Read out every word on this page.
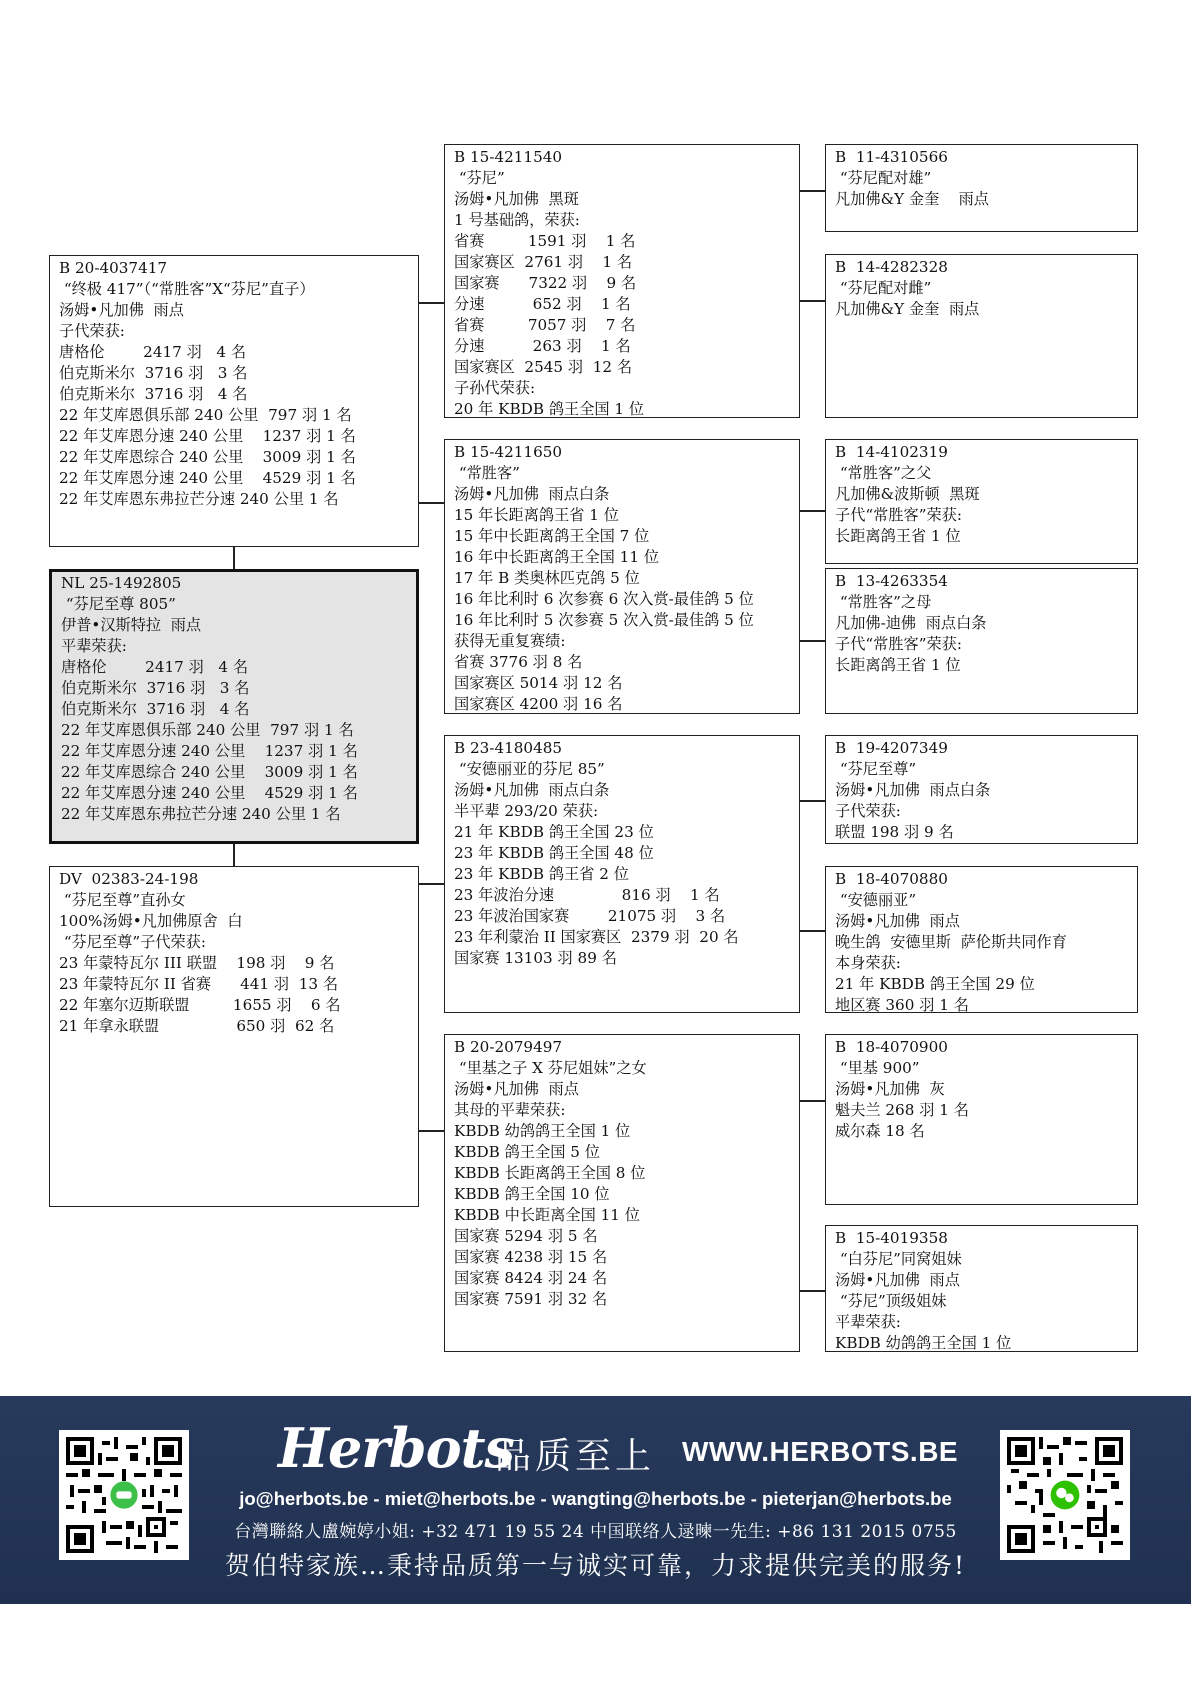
B 20-4037417
“终极 417”（“常胜客”X“芬尼”直子）
汤姆•凡加佛  雨点
子代荣获:
唐格伦        2417 羽   4 名
伯克斯米尔  3716 羽   3 名
伯克斯米尔  3716 羽   4 名
22 年艾库恩俱乐部 240 公里  797 羽 1 名
22 年艾库恩分速 240 公里    1237 羽 1 名
22 年艾库恩综合 240 公里    3009 羽 1 名
22 年艾库恩分速 240 公里    4529 羽 1 名
22 年艾库恩东弗拉芒分速 240 公里 1 名
NL 25-1492805
“芬尼至尊 805”
伊普•汉斯特拉  雨点
平辈荣获:
唐格伦        2417 羽   4 名
伯克斯米尔  3716 羽   3 名
伯克斯米尔  3716 羽   4 名
22 年艾库恩俱乐部 240 公里  797 羽 1 名
22 年艾库恩分速 240 公里    1237 羽 1 名
22 年艾库恩综合 240 公里    3009 羽 1 名
22 年艾库恩分速 240 公里    4529 羽 1 名
22 年艾库恩东弗拉芒分速 240 公里 1 名
DV  02383-24-198
“芬尼至尊”直孙女
100%汤姆•凡加佛原舍  白
“芬尼至尊”子代荣获:
23 年蒙特瓦尔 III 联盟    198 羽    9 名
23 年蒙特瓦尔 II 省赛      441 羽  13 名
22 年塞尔迈斯联盟         1655 羽    6 名
21 年拿永联盟                650 羽  62 名
B 15-4211540
“芬尼”
汤姆•凡加佛  黑斑
1 号基础鸽，荣获:
省赛         1591 羽    1 名
国家赛区  2761 羽    1 名
国家赛      7322 羽    9 名
分速          652 羽    1 名
省赛         7057 羽    7 名
分速          263 羽    1 名
国家赛区  2545 羽  12 名
子孙代荣获:
20 年 KBDB 鸽王全国 1 位
B 15-4211650
“常胜客”
汤姆•凡加佛  雨点白条
15 年长距离鸽王省 1 位
15 年中长距离鸽王全国 7 位
16 年中长距离鸽王全国 11 位
17 年 B 类奥林匹克鸽 5 位
16 年比利时 6 次参赛 6 次入赏-最佳鸽 5 位
16 年比利时 5 次参赛 5 次入赏-最佳鸽 5 位
获得无重复赛绩:
省赛 3776 羽 8 名
国家赛区 5014 羽 12 名
国家赛区 4200 羽 16 名
B 23-4180485
“安德丽亚的芬尼 85”
汤姆•凡加佛  雨点白条
半平辈 293/20 荣获:
21 年 KBDB 鸽王全国 23 位
23 年 KBDB 鸽王全国 48 位
23 年 KBDB 鸽王省 2 位
23 年波治分速              816 羽    1 名
23 年波治国家赛        21075 羽    3 名
23 年利蒙治 II 国家赛区  2379 羽  20 名
国家赛 13103 羽 89 名
B 20-2079497
“里基之子 X 芬尼姐妹”之女
汤姆•凡加佛  雨点
其母的平辈荣获:
KBDB 幼鸽鸽王全国 1 位
KBDB 鸽王全国 5 位
KBDB 长距离鸽王全国 8 位
KBDB 鸽王全国 10 位
KBDB 中长距离全国 11 位
国家赛 5294 羽 5 名
国家赛 4238 羽 15 名
国家赛 8424 羽 24 名
国家赛 7591 羽 32 名
B  11-4310566
“芬尼配对雄”
凡加佛&Y 金奎    雨点
B  14-4282328
“芬尼配对雌”
凡加佛&Y 金奎  雨点
B  14-4102319
“常胜客”之父
凡加佛&波斯顿  黑斑
子代“常胜客”荣获:
长距离鸽王省 1 位
B  13-4263354
“常胜客”之母
凡加佛-迪佛  雨点白条
子代“常胜客”荣获:
长距离鸽王省 1 位
B  19-4207349
“芬尼至尊”
汤姆•凡加佛  雨点白条
子代荣获:
联盟 198 羽 9 名
B  18-4070880
“安德丽亚”
汤姆•凡加佛  雨点
晚生鸽  安德里斯  萨伦斯共同作育
本身荣获:
21 年 KBDB 鸽王全国 29 位
地区赛 360 羽 1 名
B  18-4070900
“里基 900”
汤姆•凡加佛  灰
魁夫兰 268 羽 1 名
威尔森 18 名
B  15-4019358
“白芬尼”同窝姐妹
汤姆•凡加佛  雨点
“芬尼”顶级姐妹
平辈荣获:
KBDB 幼鸽鸽王全国 1 位
Herbots
品质至上 WWW.HERBOTS.BE
jo@herbots.be - miet@herbots.be - wangting@herbots.be - pieterjan@herbots.be
台灣聯絡人盧婉婷小姐: +32 471 19 55 24 中国联络人逯暕一先生: +86 131 2015 0755
贺伯特家族…秉持品质第一与诚实可靠，力求提供完美的服务!
